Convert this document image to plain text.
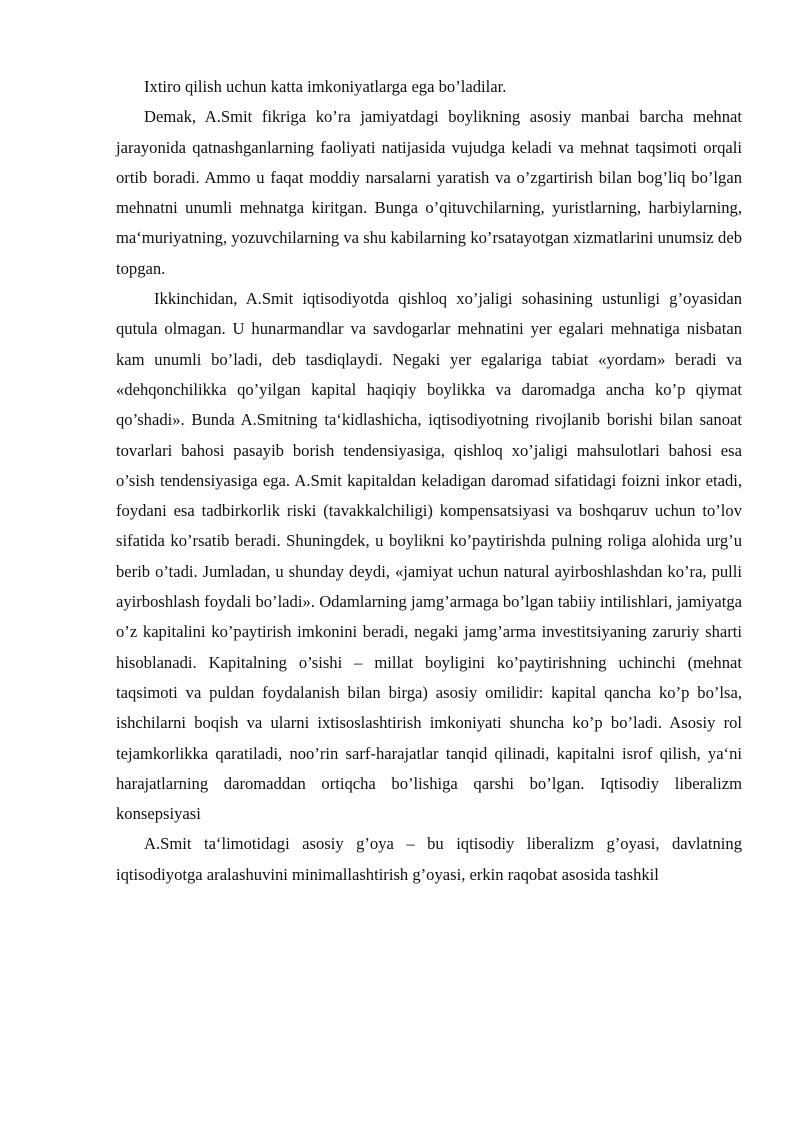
Ixtiro qilish uchun katta imkoniyatlarga ega bo’ladilar.

Demak, A.Smit fikriga ko’ra jamiyatdagi boylikning asosiy manbai barcha mehnat jarayonida qatnashganlarning faoliyati natijasida vujudga keladi va mehnat taqsimoti orqali ortib boradi. Ammo u faqat moddiy narsalarni yaratish va o’zgartirish bilan bog’liq bo’lgan mehnatni unumli mehnatga kiritgan. Bunga o’qituvchilarning, yuristlarning, harbiylarning, ma‘muriyatning, yozuvchilarning va shu kabilarning ko’rsatayotgan xizmatlarini unumsiz deb topgan.

Ikkinchidan, A.Smit iqtisodiyotda qishloq xo’jaligi sohasining ustunligi g’oyasidan qutula olmagan. U hunarmandlar va savdogarlar mehnatini yer egalari mehnatiga nisbatan kam unumli bo’ladi, deb tasdiqlaydi. Negaki yer egalariga tabiat «yordam» beradi va «dehqonchilikka qo’yilgan kapital haqiqiy boylikka va daromadga ancha ko’p qiymat qo’shadi». Bunda A.Smitning ta‘kidlashicha, iqtisodiyotning rivojlanib borishi bilan sanoat tovarlari bahosi pasayib borish tendensiyasiga, qishloq xo’jaligi mahsulotlari bahosi esa o’sish tendensiyasiga ega. A.Smit kapitaldan keladigan daromad sifatidagi foizni inkor etadi, foydani esa tadbirkorlik riski (tavakkalchiligi) kompensatsiyasi va boshqaruv uchun to’lov sifatida ko’rsatib beradi. Shuningdek, u boylikni ko’paytirishda pulning roliga alohida urg’u berib o’tadi. Jumladan, u shunday deydi, «jamiyat uchun natural ayirboshlashdan ko’ra, pulli ayirboshlash foydali bo’ladi». Odamlarning jamg’armaga bo’lgan tabiiy intilishlari, jamiyatga o’z kapitalini ko’paytirish imkonini beradi, negaki jamg’arma investitsiyaning zaruriy sharti hisoblanadi. Kapitalning o’sishi – millat boyligini ko’paytirishning uchinchi (mehnat taqsimoti va puldan foydalanish bilan birga) asosiy omilidir: kapital qancha ko’p bo’lsa, ishchilarni boqish va ularni ixtisoslashtirish imkoniyati shuncha ko’p bo’ladi. Asosiy rol tejamkorlikka qaratiladi, noo’rin sarf-harajatlar tanqid qilinadi, kapitalni isrof qilish, ya‘ni harajatlarning daromaddan ortiqcha bo’lishiga qarshi bo’lgan. Iqtisodiy liberalizm konsepsiyasi

A.Smit ta‘limotidagi asosiy g’oya – bu iqtisodiy liberalizm g’oyasi, davlatning iqtisodiyotga aralashuvini minimallashtirish g’oyasi, erkin raqobat asosida tashkil
